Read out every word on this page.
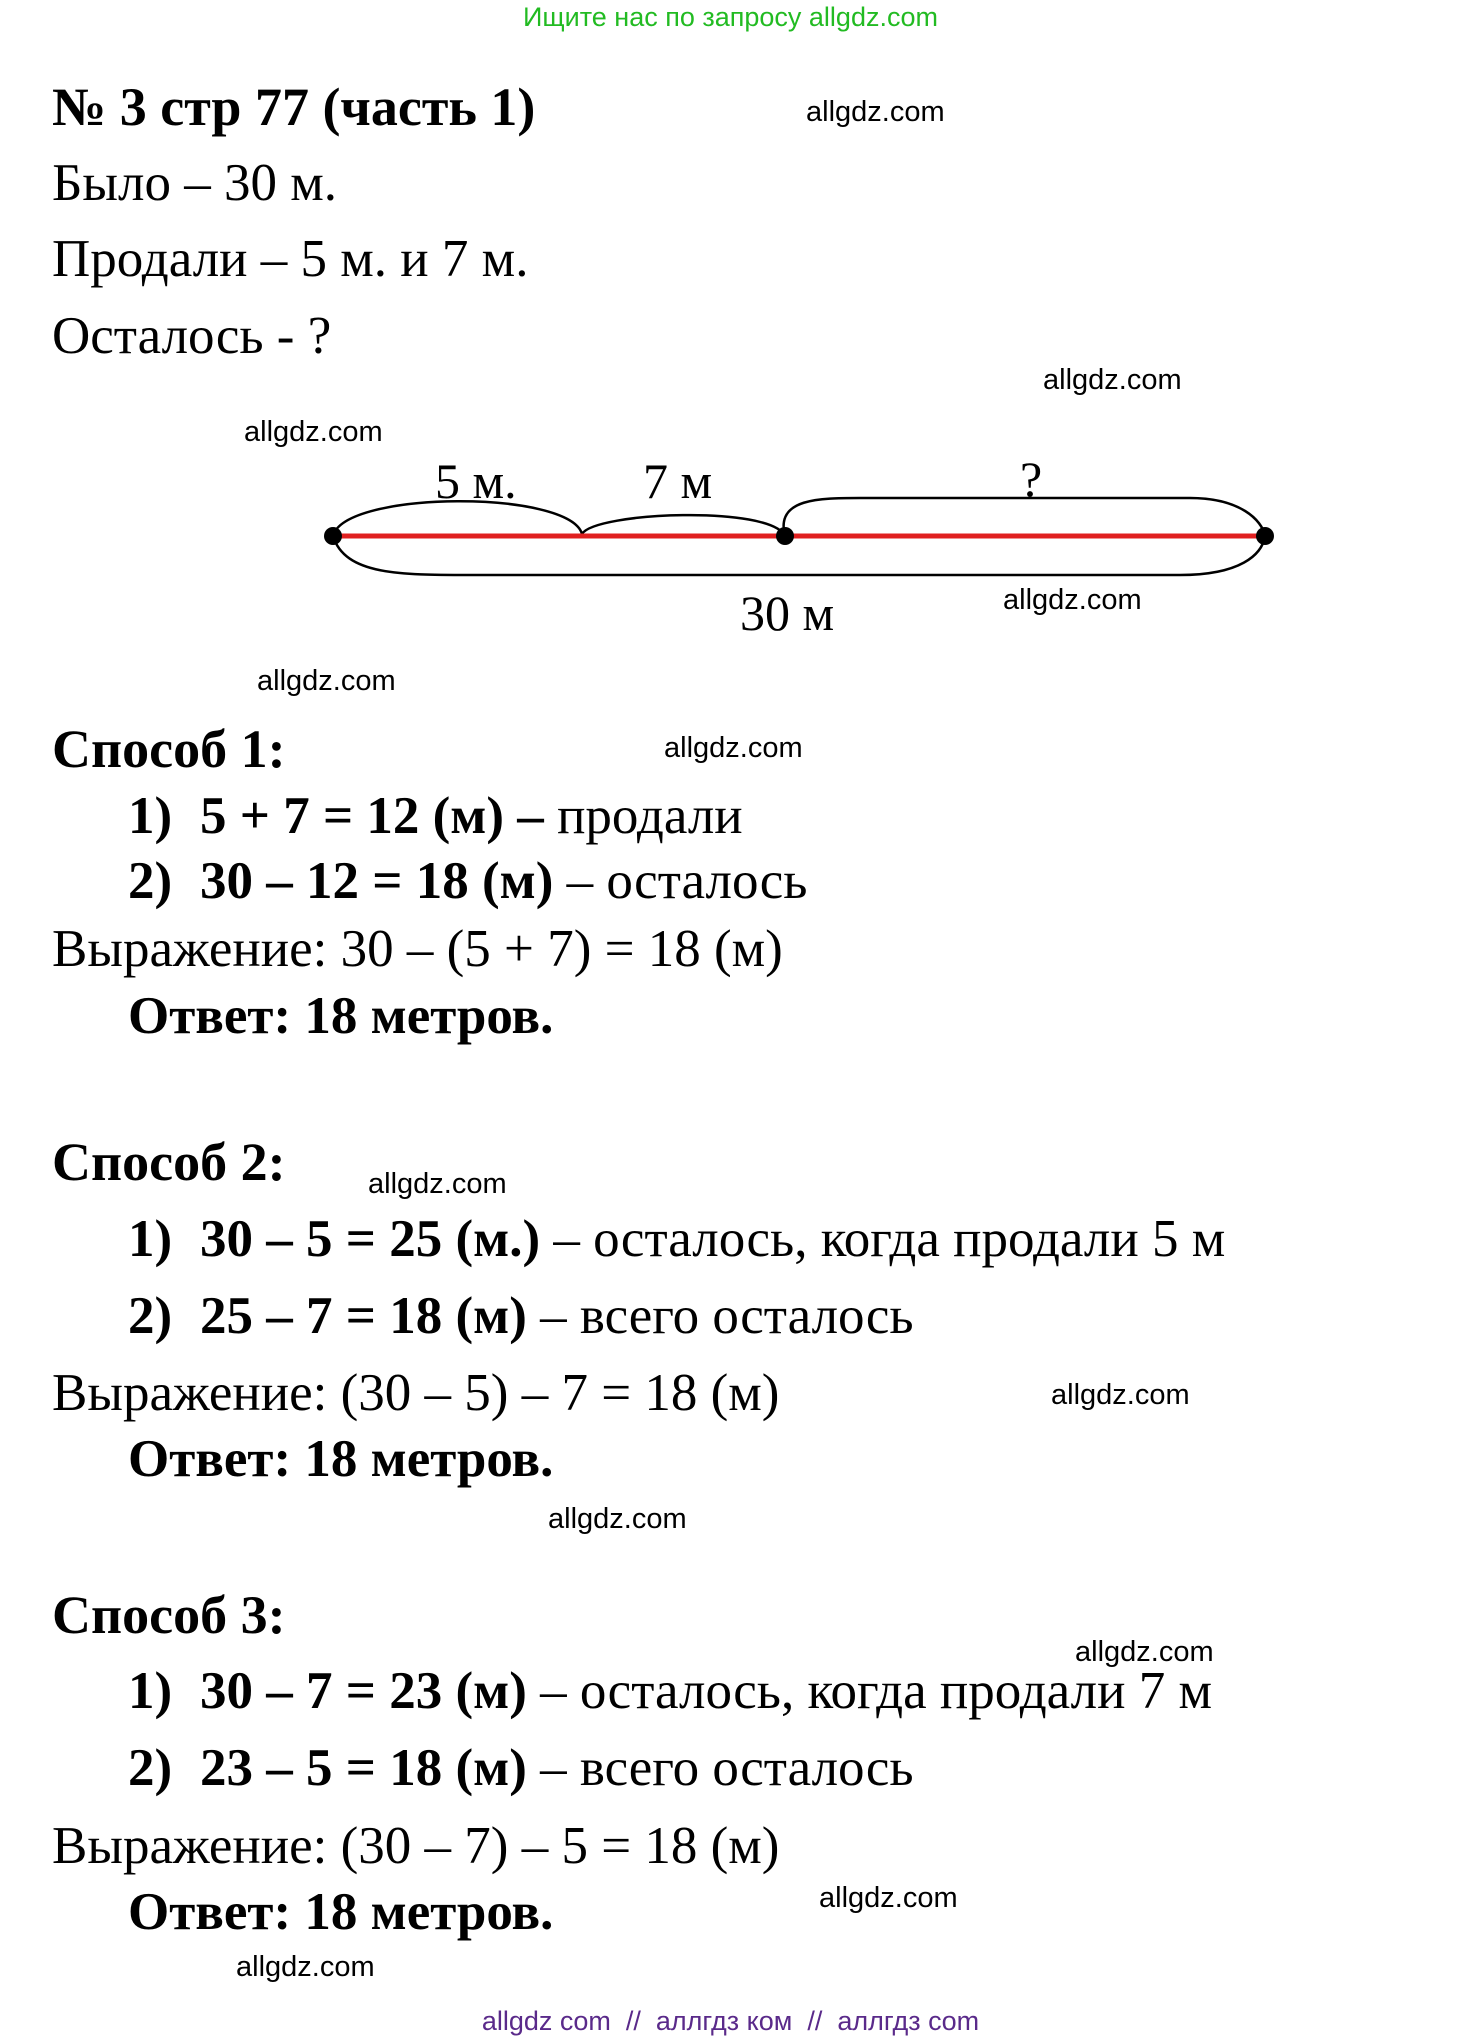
Ищите нас по запросу allgdz.com
№ 3 стр 77 (часть 1)
Было – 30 м.
Продали – 5 м. и 7 м.
Осталось - ?
5 м.	7 м	?
30 м
Способ 1:
1) 5 + 7 = 12 (м) – продали
2) 30 – 12 = 18 (м) – осталось
Выражение: 30 – (5 + 7) = 18 (м)
Ответ: 18 метров.
Способ 2:
1) 30 – 5 = 25 (м.) – осталось, когда продали 5 м
2) 25 – 7 = 18 (м) – всего осталось
Выражение: (30 – 5) – 7 = 18 (м)
Ответ: 18 метров.
Способ 3:
1) 30 – 7 = 23 (м) – осталось, когда продали 7 м
2) 23 – 5 = 18 (м) – всего осталось
Выражение: (30 – 7) – 5 = 18 (м)
Ответ: 18 метров.
allgdz.com
allgdz.com
allgdz.com
allgdz.com
allgdz.com
allgdz.com
allgdz.com
allgdz.com
allgdz.com
allgdz.com
allgdz.com
allgdz.com
allgdz com  //  аллгдз ком  //  аллгдз com
